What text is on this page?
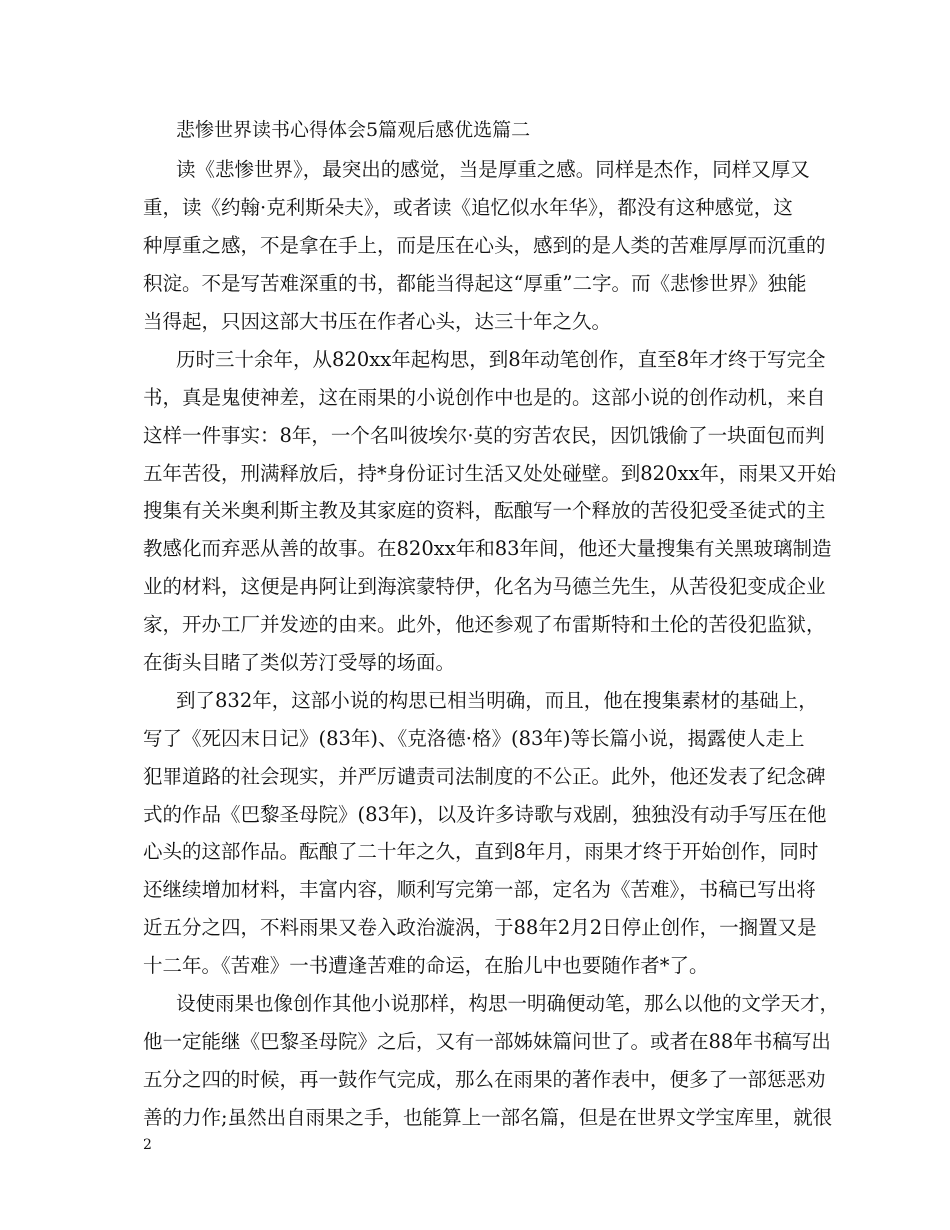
悲惨世界读书心得体会5篇观后感优选篇二
读《悲惨世界》，最突出的感觉，当是厚重之感。同样是杰作，同样又厚又
重，读《约翰·克利斯朵夫》，或者读《追忆似水年华》，都没有这种感觉，这
种厚重之感，不是拿在手上，而是压在心头，感到的是人类的苦难厚厚而沉重的
积淀。不是写苦难深重的书，都能当得起这“厚重”二字。而《悲惨世界》独能
当得起，只因这部大书压在作者心头，达三十年之久。
历时三十余年，从820xx年起构思，到8年动笔创作，直至8年才终于写完全
书，真是鬼使神差，这在雨果的小说创作中也是的。这部小说的创作动机，来自
这样一件事实：8年，一个名叫彼埃尔·莫的穷苦农民，因饥饿偷了一块面包而判
五年苦役，刑满释放后，持*身份证讨生活又处处碰壁。到820xx年，雨果又开始
搜集有关米奥利斯主教及其家庭的资料，酝酿写一个释放的苦役犯受圣徒式的主
教感化而弃恶从善的故事。在820xx年和83年间，他还大量搜集有关黑玻璃制造
业的材料，这便是冉阿让到海滨蒙特伊，化名为马德兰先生，从苦役犯变成企业
家，开办工厂并发迹的由来。此外，他还参观了布雷斯特和土伦的苦役犯监狱，
在街头目睹了类似芳汀受辱的场面。
到了832年，这部小说的构思已相当明确，而且，他在搜集素材的基础上，
写了《死囚末日记》(83年)、《克洛德·格》(83年)等长篇小说，揭露使人走上
犯罪道路的社会现实，并严厉谴责司法制度的不公正。此外，他还发表了纪念碑
式的作品《巴黎圣母院》(83年)，以及许多诗歌与戏剧，独独没有动手写压在他
心头的这部作品。酝酿了二十年之久，直到8年月，雨果才终于开始创作，同时
还继续增加材料，丰富内容，顺利写完第一部，定名为《苦难》，书稿已写出将
近五分之四，不料雨果又卷入政治漩涡，于88年2月2日停止创作，一搁置又是
十二年。《苦难》一书遭逢苦难的命运，在胎儿中也要随作者*了。
设使雨果也像创作其他小说那样，构思一明确便动笔，那么以他的文学天才，
他一定能继《巴黎圣母院》之后，又有一部姊妹篇问世了。或者在88年书稿写出
五分之四的时候，再一鼓作气完成，那么在雨果的著作表中，便多了一部惩恶劝
善的力作;虽然出自雨果之手，也能算上一部名篇，但是在世界文学宝库里，就很
2
